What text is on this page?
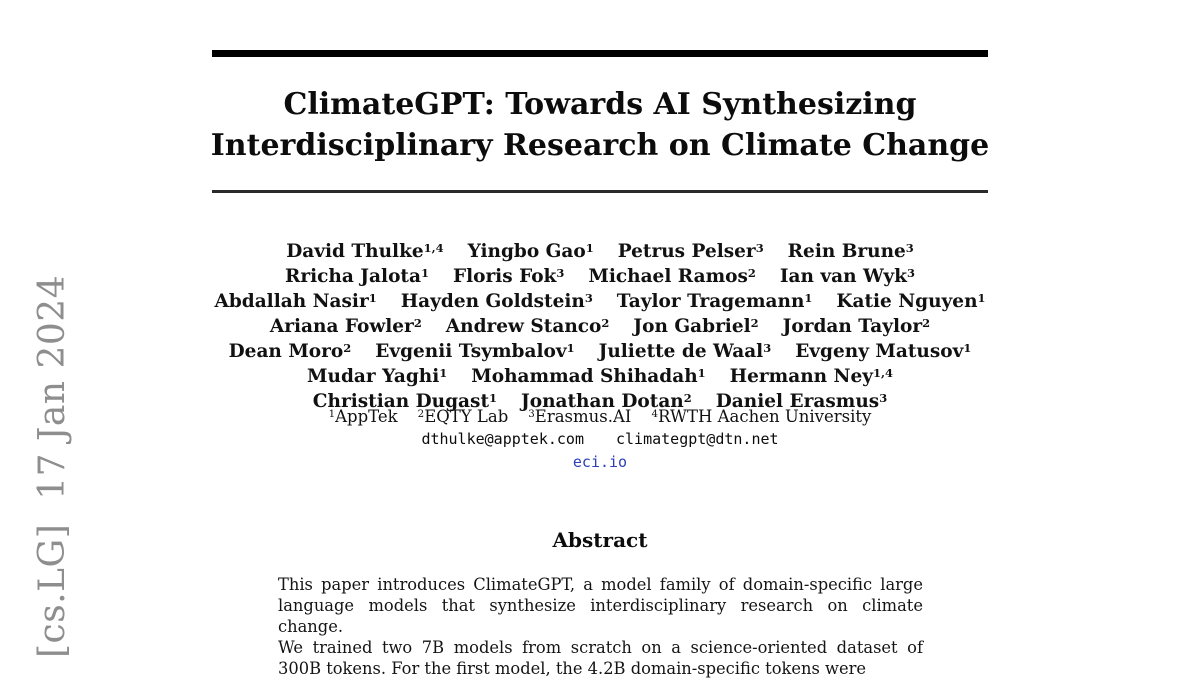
[cs.LG]  17 Jan 2024
ClimateGPT: Towards AI Synthesizing
Interdisciplinary Research on Climate Change
David Thulke1,4 Yingbo Gao1 Petrus Pelser3 Rein Brune3
Rricha Jalota1 Floris Fok3 Michael Ramos2 Ian van Wyk3
Abdallah Nasir1 Hayden Goldstein3 Taylor Tragemann1 Katie Nguyen1
Ariana Fowler2 Andrew Stanco2 Jon Gabriel2 Jordan Taylor2
Dean Moro2 Evgenii Tsymbalov1 Juliette de Waal3 Evgeny Matusov1
Mudar Yaghi1 Mohammad Shihadah1 Hermann Ney1,4
Christian Dugast1 Jonathan Dotan2 Daniel Erasmus3
1AppTek 2EQTY Lab 3Erasmus.AI 4RWTH Aachen University
dthulke@apptek.com climategpt@dtn.net
eci.io
Abstract
This paper introduces ClimateGPT, a model family of domain-specific large
language models that synthesize interdisciplinary research on climate change.
We trained two 7B models from scratch on a science-oriented dataset of
300B tokens. For the first model, the 4.2B domain-specific tokens were
